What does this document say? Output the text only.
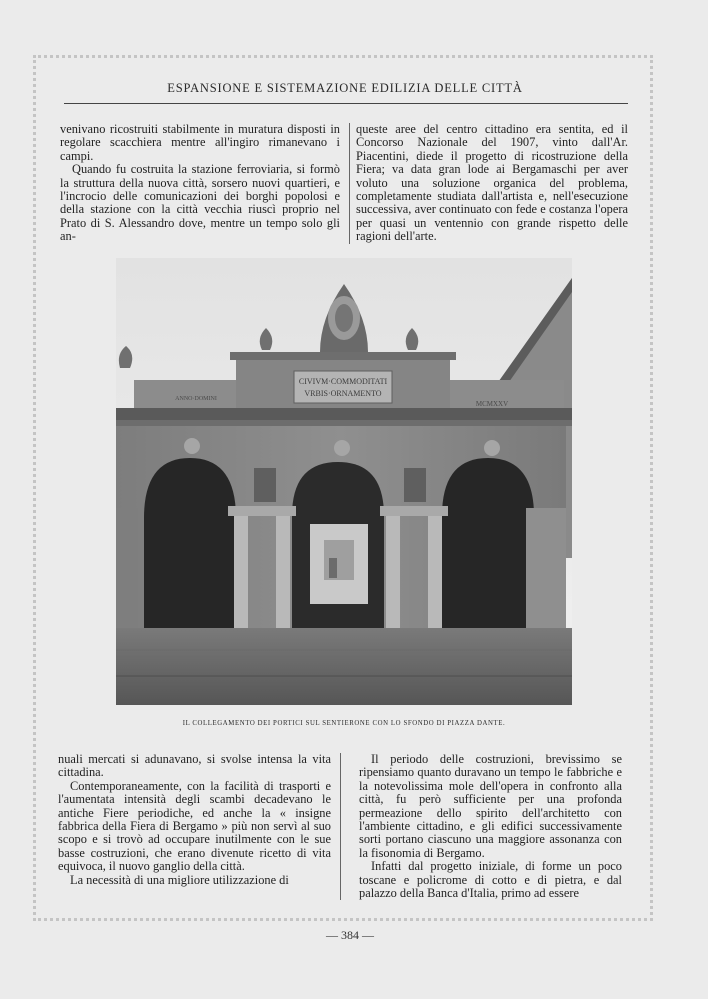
ESPANSIONE E SISTEMAZIONE EDILIZIA DELLE CITTÀ

venivano ricostruiti stabilmente in muratura disposti in regolare scacchiera mentre all'ingiro rimanevano i campi.

Quando fu costruita la stazione ferroviaria, si formò la struttura della nuova città, sorsero nuovi quartieri, e l'incrocio delle comunicazioni dei borghi popolosi e della stazione con la città vecchia riuscì proprio nel Prato di S. Alessandro dove, mentre un tempo solo gli an-

queste aree del centro cittadino era sentita, ed il Concorso Nazionale del 1907, vinto dall'Ar. Piacentini, diede il progetto di ricostruzione della Fiera; va data gran lode ai Bergamaschi per aver voluto una soluzione organica del problema, completamente studiata dall'artista e, nell'esecuzione successiva, aver continuato con fede e costanza l'opera per quasi un ventennio con grande rispetto delle ragioni dell'arte.

CIVIVM·COMMODITATI
VRBIS·ORNAMENTO
ANNO·DOMINI
MCMXXV
IL COLLEGAMENTO DEI PORTICI SUL SENTIERONE CON LO SFONDO DI PIAZZA DANTE.

nuali mercati si adunavano, si svolse intensa la vita cittadina.

Contemporaneamente, con la facilità di trasporti e l'aumentata intensità degli scambi decadevano le antiche Fiere periodiche, ed anche la « insigne fabbrica della Fiera di Bergamo » più non servì al suo scopo e si trovò ad occupare inutilmente con le sue basse costruzioni, che erano divenute ricetto di vita equivoca, il nuovo ganglio della città.

La necessità di una migliore utilizzazione di

Il periodo delle costruzioni, brevissimo se ripensiamo quanto duravano un tempo le fabbriche e la notevolissima mole dell'opera in confronto alla città, fu però sufficiente per una profonda permeazione dello spirito dell'architetto con l'ambiente cittadino, e gli edifici successivamente sorti portano ciascuno una maggiore assonanza con la fisonomia di Bergamo.

Infatti dal progetto iniziale, di forme un poco toscane e policrome di cotto e di pietra, e dal palazzo della Banca d'Italia, primo ad essere

— 384 —
